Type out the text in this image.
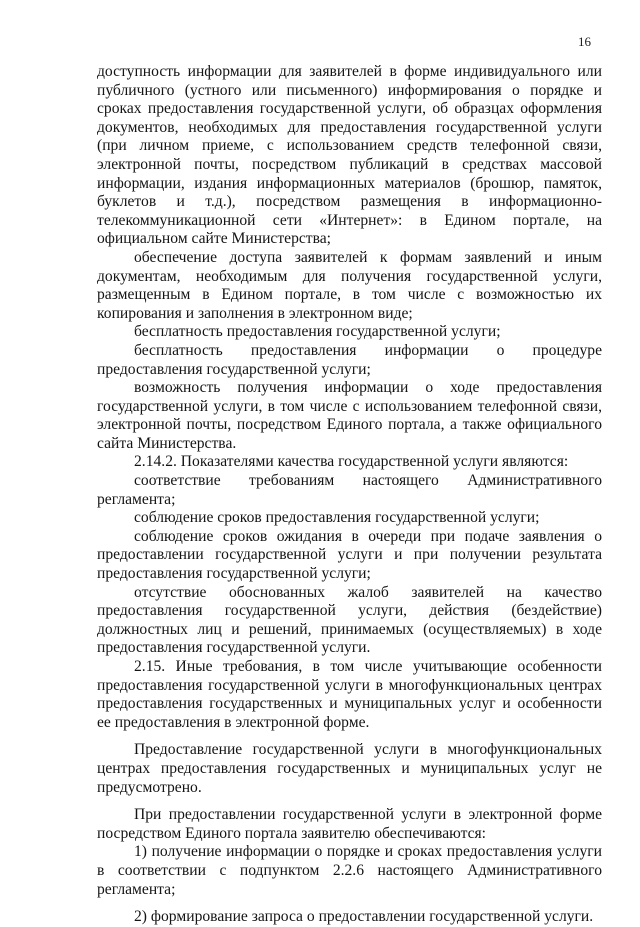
16

доступность информации для заявителей в форме индивидуального или публичного (устного или письменного) информирования о порядке и сроках предоставления государственной услуги, об образцах оформления документов, необходимых для предоставления государственной услуги (при личном приеме, с использованием средств телефонной связи, электронной почты, посредством публикаций в средствах массовой информации, издания информационных материалов (брошюр, памяток, буклетов и т.д.), посредством размещения в информационно-телекоммуникационной сети «Интернет»: в Едином портале, на официальном сайте Министерства;

обеспечение доступа заявителей к формам заявлений и иным документам, необходимым для получения государственной услуги, размещенным в Едином портале, в том числе с возможностью их копирования и заполнения в электронном виде;

бесплатность предоставления государственной услуги;

бесплатность предоставления информации о процедуре предоставления государственной услуги;

возможность получения информации о ходе предоставления государственной услуги, в том числе с использованием телефонной связи, электронной почты, посредством Единого портала, а также официального сайта Министерства.

2.14.2. Показателями качества государственной услуги являются:

соответствие требованиям настоящего Административного регламента;

соблюдение сроков предоставления государственной услуги;

соблюдение сроков ожидания в очереди при подаче заявления о предоставлении государственной услуги и при получении результата предоставления государственной услуги;

отсутствие обоснованных жалоб заявителей на качество предоставления государственной услуги, действия (бездействие) должностных лиц и решений, принимаемых (осуществляемых) в ходе предоставления государственной услуги.

2.15. Иные требования, в том числе учитывающие особенности предоставления государственной услуги в многофункциональных центрах предоставления государственных и муниципальных услуг и особенности ее предоставления в электронной форме.

Предоставление государственной услуги в многофункциональных центрах предоставления государственных и муниципальных услуг не предусмотрено.

При предоставлении государственной услуги в электронной форме посредством Единого портала заявителю обеспечиваются:

1) получение информации о порядке и сроках предоставления услуги в соответствии с подпунктом 2.2.6 настоящего Административного регламента;

2) формирование запроса о предоставлении государственной услуги.
